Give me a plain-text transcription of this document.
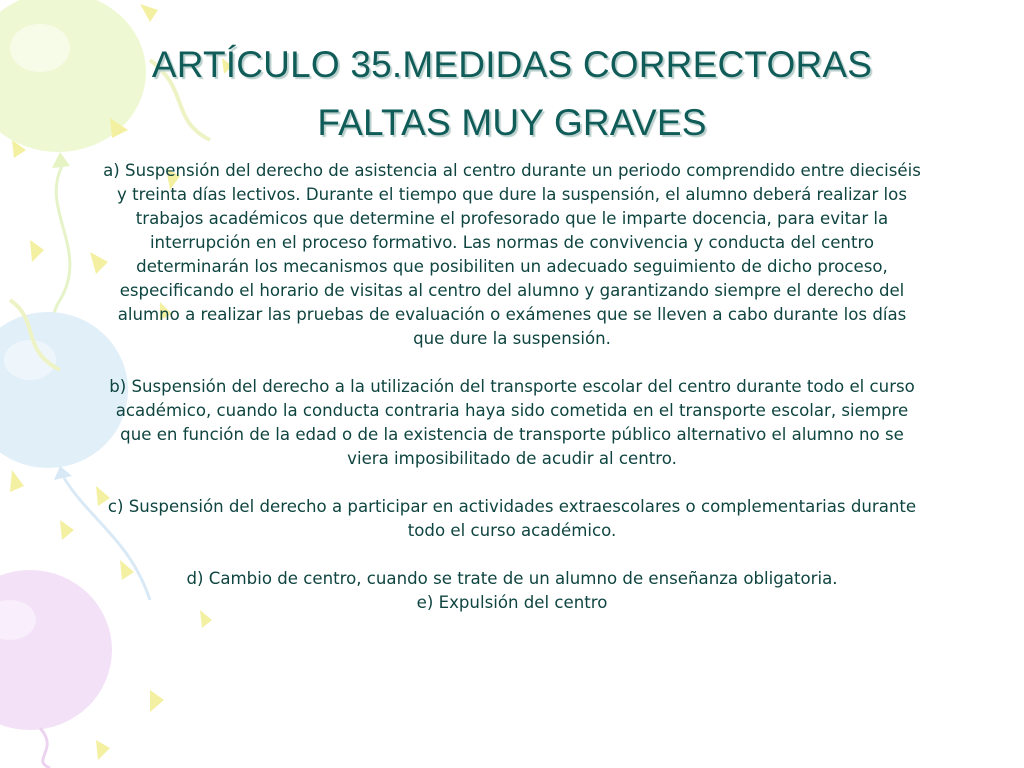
ARTÍCULO 35.MEDIDAS CORRECTORAS
FALTAS MUY GRAVES

a) Suspensión del derecho de asistencia al centro durante un periodo comprendido entre dieciséis y treinta días lectivos. Durante el tiempo que dure la suspensión, el alumno deberá realizar los trabajos académicos que determine el profesorado que le imparte docencia, para evitar la interrupción en el proceso formativo. Las normas de convivencia y conducta del centro determinarán los mecanismos que posibiliten un adecuado seguimiento de dicho proceso, especificando el horario de visitas al centro del alumno y garantizando siempre el derecho del alumno a realizar las pruebas de evaluación o exámenes que se lleven a cabo durante los días que dure la suspensión.

b) Suspensión del derecho a la utilización del transporte escolar del centro durante todo el curso académico, cuando la conducta contraria haya sido cometida en el transporte escolar, siempre que en función de la edad o de la existencia de transporte público alternativo el alumno no se viera imposibilitado de acudir al centro.

c) Suspensión del derecho a participar en actividades extraescolares o complementarias durante todo el curso académico.

d) Cambio de centro, cuando se trate de un alumno de enseñanza obligatoria.

e) Expulsión del centro
